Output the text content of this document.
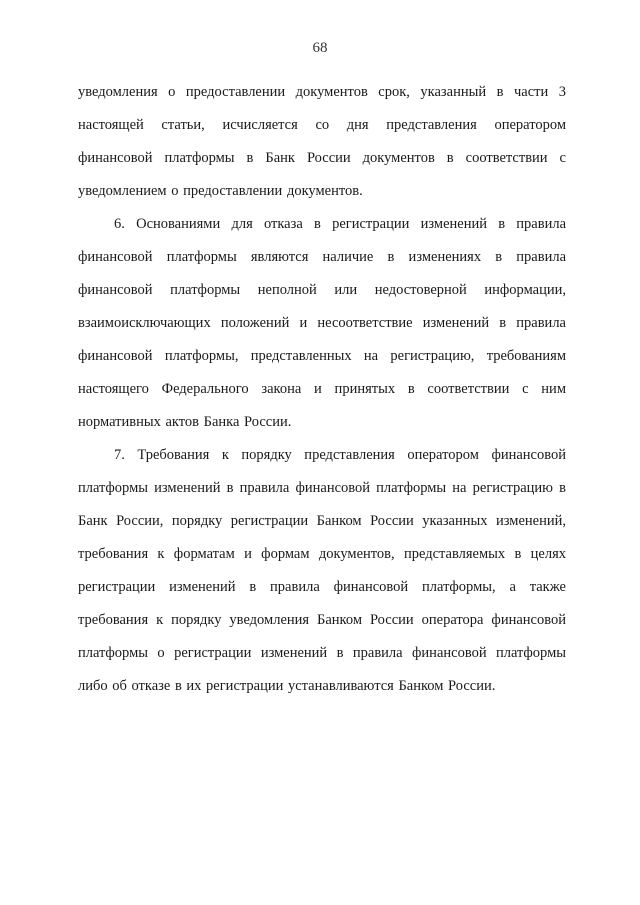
68

уведомления о предоставлении документов срок, указанный в части 3 настоящей статьи, исчисляется со дня представления оператором финансовой платформы в Банк России документов в соответствии с уведомлением о предоставлении документов.

6. Основаниями для отказа в регистрации изменений в правила финансовой платформы являются наличие в изменениях в правила финансовой платформы неполной или недостоверной информации, взаимоисключающих положений и несоответствие изменений в правила финансовой платформы, представленных на регистрацию, требованиям настоящего Федерального закона и принятых в соответствии с ним нормативных актов Банка России.

7. Требования к порядку представления оператором финансовой платформы изменений в правила финансовой платформы на регистрацию в Банк России, порядку регистрации Банком России указанных изменений, требования к форматам и формам документов, представляемых в целях регистрации изменений в правила финансовой платформы, а также требования к порядку уведомления Банком России оператора финансовой платформы о регистрации изменений в правила финансовой платформы либо об отказе в их регистрации устанавливаются Банком России.
